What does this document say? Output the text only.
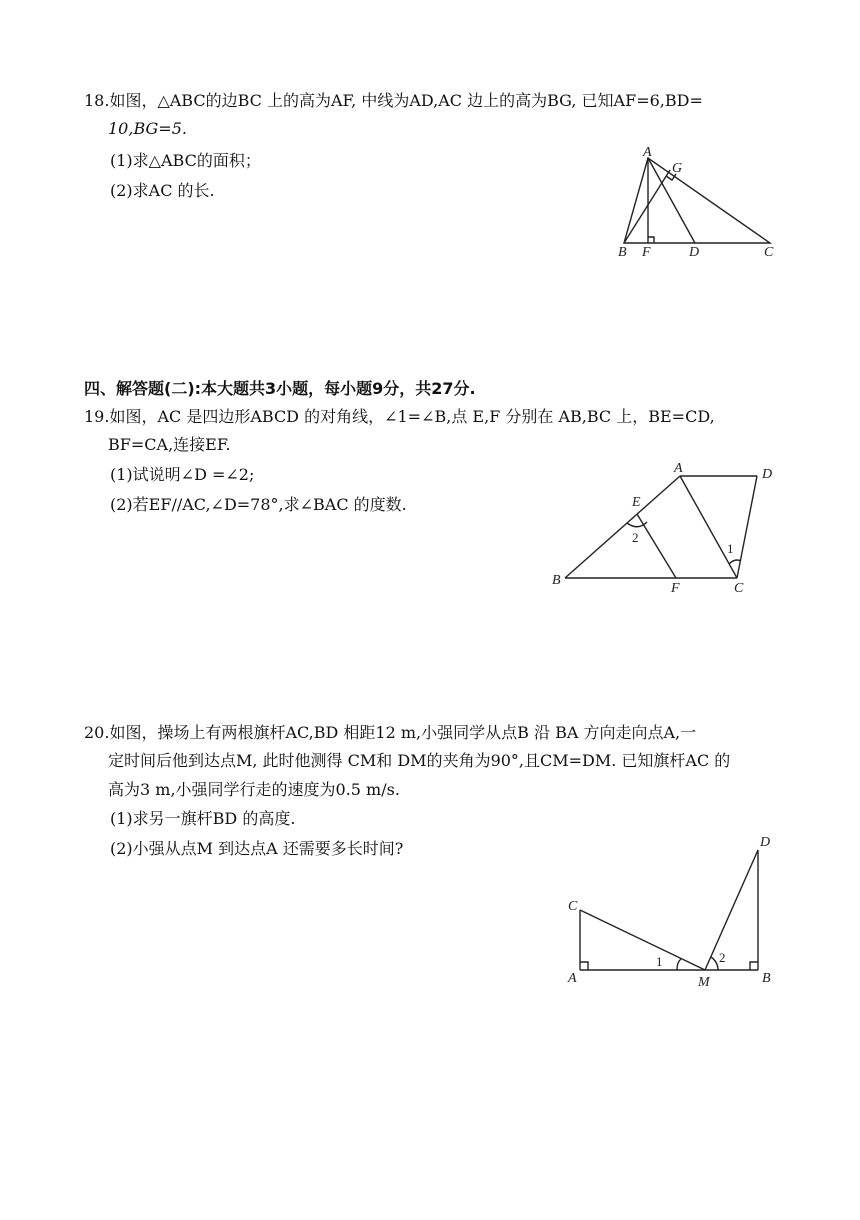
18.如图，△ABC的边BC 上的高为AF, 中线为AD,AC 边上的高为BG, 已知AF=6,BD=
10,BG=5.
(1)求△ABC的面积；
(2)求AC 的长.
A
G
B F	D	C
四、解答题(二):本大题共3小题，每小题9分，共27分.
19.如图，AC 是四边形ABCD 的对角线，∠1=∠B,点 E,F 分别在 AB,BC 上，BE=CD,
BF=CA,连接EF.
(1)试说明∠D =∠2;
(2)若EF//AC,∠D=78°,求∠BAC 的度数.
A	D
E
B
F	C
1
2
20.如图，操场上有两根旗杆AC,BD 相距12 m,小强同学从点B 沿 BA 方向走向点A,一
定时间后他到达点M, 此时他测得 CM和 DM的夹角为90°,且CM=DM. 已知旗杆AC 的
高为3 m,小强同学行走的速度为0.5 m/s.
(1)求另一旗杆BD 的高度.
(2)小强从点M 到达点A 还需要多长时间?
C
D
A	M	B
1	2
